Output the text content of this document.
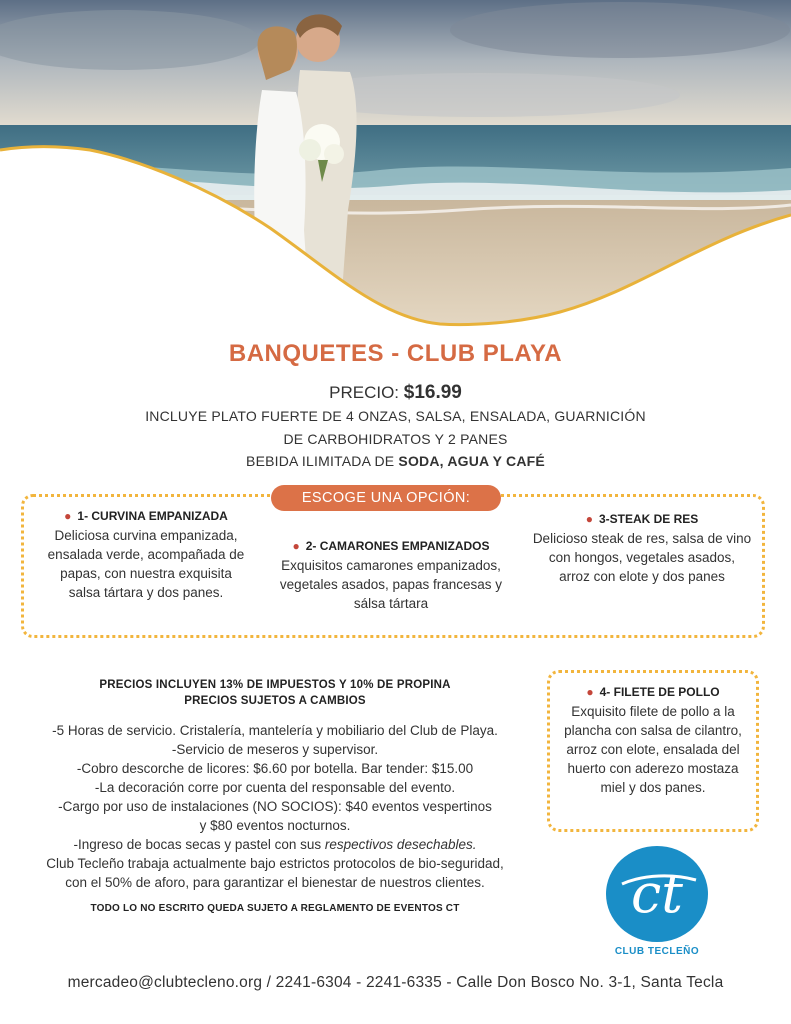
BANQUETES - CLUB PLAYA
PRECIO: $16.99
INCLUYE PLATO FUERTE DE 4 ONZAS, SALSA, ENSALADA, GUARNICIÓN
DE CARBOHIDRATOS Y 2 PANES
BEBIDA ILIMITADA DE SODA, AGUA Y CAFÉ
ESCOGE UNA OPCIÓN:
● 1- CURVINA EMPANIZADA
Deliciosa curvina empanizada,
ensalada verde, acompañada de
papas, con nuestra exquisita
salsa tártara y dos panes.
● 2- CAMARONES EMPANIZADOS
Exquisitos camarones empanizados,
vegetales asados, papas francesas y
sálsa tártara
● 3-STEAK DE RES
Delicioso steak de res, salsa de vino
con hongos, vegetales asados,
arroz con elote y dos panes
● 4- FILETE DE POLLO
Exquisito filete de pollo a la
plancha con salsa de cilantro,
arroz con elote, ensalada del
huerto con aderezo mostaza
miel y dos panes.
PRECIOS INCLUYEN 13% DE IMPUESTOS Y 10% DE PROPINA
PRECIOS SUJETOS A CAMBIOS
-5 Horas de servicio. Cristalería, mantelería y mobiliario del Club de Playa.
-Servicio de meseros y supervisor.
-Cobro descorche de licores: $6.60 por botella. Bar tender: $15.00
-La decoración corre por cuenta del responsable del evento.
-Cargo por uso de instalaciones (NO SOCIOS): $40 eventos vespertinos
y $80 eventos nocturnos.
-Ingreso de bocas secas y pastel con sus respectivos desechables.
Club Tecleño trabaja actualmente bajo estrictos protocolos de bio-seguridad,
con el 50% de aforo, para garantizar el bienestar de nuestros clientes.
TODO LO NO ESCRITO QUEDA SUJETO A REGLAMENTO DE EVENTOS CT	ct
CLUB TECLEÑO
mercadeo@clubtecleno.org / 2241-6304 - 2241-6335 - Calle Don Bosco No. 3-1, Santa Tecla
